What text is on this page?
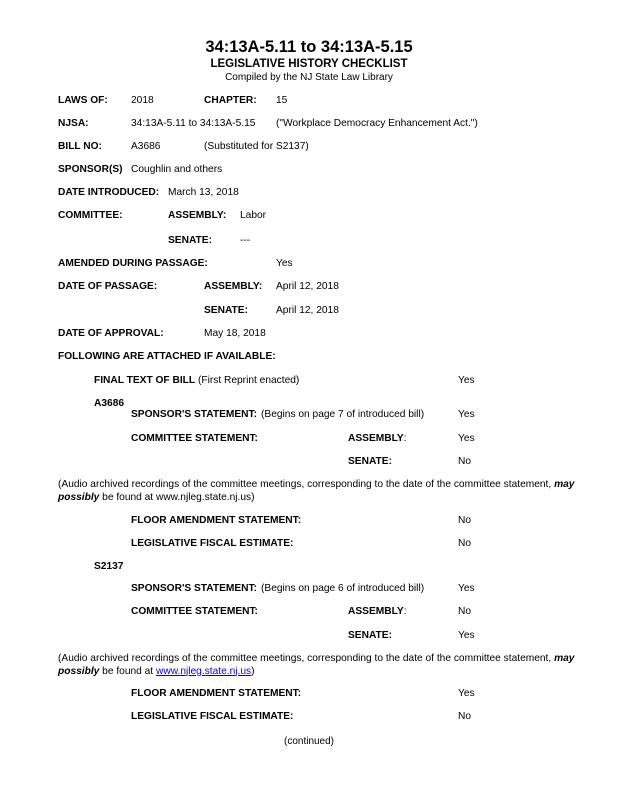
34:13A-5.11 to 34:13A-5.15
LEGISLATIVE HISTORY CHECKLIST
Compiled by the NJ State Law Library
LAWS OF: 2018	CHAPTER: 15
NJSA:	34:13A-5.11 to 34:13A-5.15 ("Workplace Democracy Enhancement Act.")
BILL NO:	A3686	(Substituted for S2137)
SPONSOR(S) Coughlin and others
DATE INTRODUCED: March 13, 2018
COMMITTEE:	ASSEMBLY: Labor
SENATE:	---
AMENDED DURING PASSAGE:	Yes
DATE OF PASSAGE:	ASSEMBLY: April 12, 2018
SENATE:	April 12, 2018
DATE OF APPROVAL:	May 18, 2018
FOLLOWING ARE ATTACHED IF AVAILABLE:
FINAL TEXT OF BILL (First Reprint enacted)	Yes
A3686
SPONSOR'S STATEMENT: (Begins on page 7 of introduced bill)	Yes
COMMITTEE STATEMENT:	ASSEMBLY:	Yes
SENATE:	No
(Audio archived recordings of the committee meetings, corresponding to the date of the committee statement, may possibly be found at www.njleg.state.nj.us)
FLOOR AMENDMENT STATEMENT:	No
LEGISLATIVE FISCAL ESTIMATE:	No
S2137
SPONSOR'S STATEMENT: (Begins on page 6 of introduced bill)	Yes
COMMITTEE STATEMENT:	ASSEMBLY:	No
SENATE:	Yes
(Audio archived recordings of the committee meetings, corresponding to the date of the committee statement, may possibly be found at www.njleg.state.nj.us)
FLOOR AMENDMENT STATEMENT:	Yes
LEGISLATIVE FISCAL ESTIMATE:	No
(continued)
